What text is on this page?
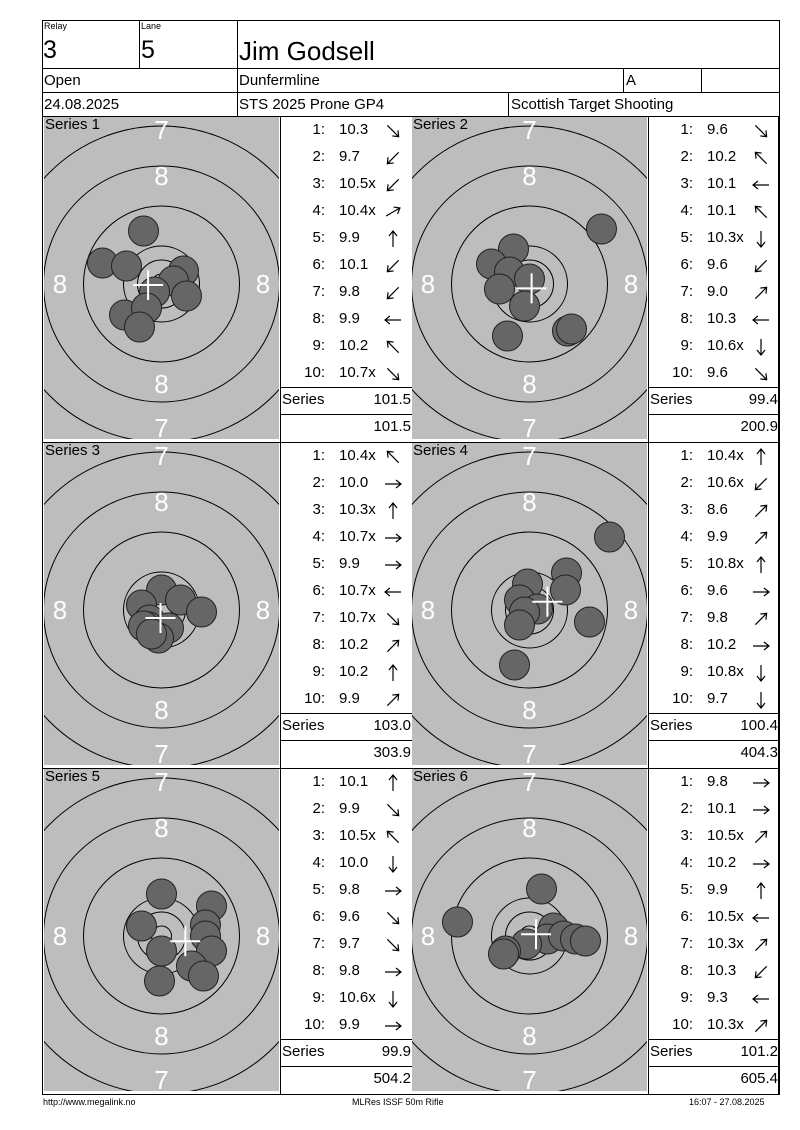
Relay
3
Lane
5	Jim Godsell
Open	Dunfermline	A
24.08.2025	STS 2025 Prone GP4	Scottish Target Shooting
7
7
8
8
8	8
Series 1	1: 10.3
2: 9.7
3: 10.5x
4: 10.4x
5: 9.9
6: 10.1
7: 9.8
8: 9.9
9: 10.2
10: 10.7x
Series	101.5
101.5
7
7
8
8
8	8
Series 2	1: 9.6
2: 10.2
3: 10.1
4: 10.1
5: 10.3x
6: 9.6
7: 9.0
8: 10.3
9: 10.6x
10: 9.6
Series	99.4
200.9
7
7
8
8
8	8
Series 3	1: 10.4x
2: 10.0
3: 10.3x
4: 10.7x
5: 9.9
6: 10.7x
7: 10.7x
8: 10.2
9: 10.2
10: 9.9
Series	103.0
303.9
7
7
8
8
8	8
Series 4	1: 10.4x
2: 10.6x
3: 8.6
4: 9.9
5: 10.8x
6: 9.6
7: 9.8
8: 10.2
9: 10.8x
10: 9.7
Series	100.4
404.3
7
7
8
8
8	8
Series 5	1: 10.1
2: 9.9
3: 10.5x
4: 10.0
5: 9.8
6: 9.6
7: 9.7
8: 9.8
9: 10.6x
10: 9.9
Series	99.9
504.2
7
7
8
8
8	8
Series 6	1: 9.8
2: 10.1
3: 10.5x
4: 10.2
5: 9.9
6: 10.5x
7: 10.3x
8: 10.3
9: 9.3
10: 10.3x
Series	101.2
605.4
http://www.megalink.no	MLRes ISSF 50m Rifle	16:07 - 27.08.2025
